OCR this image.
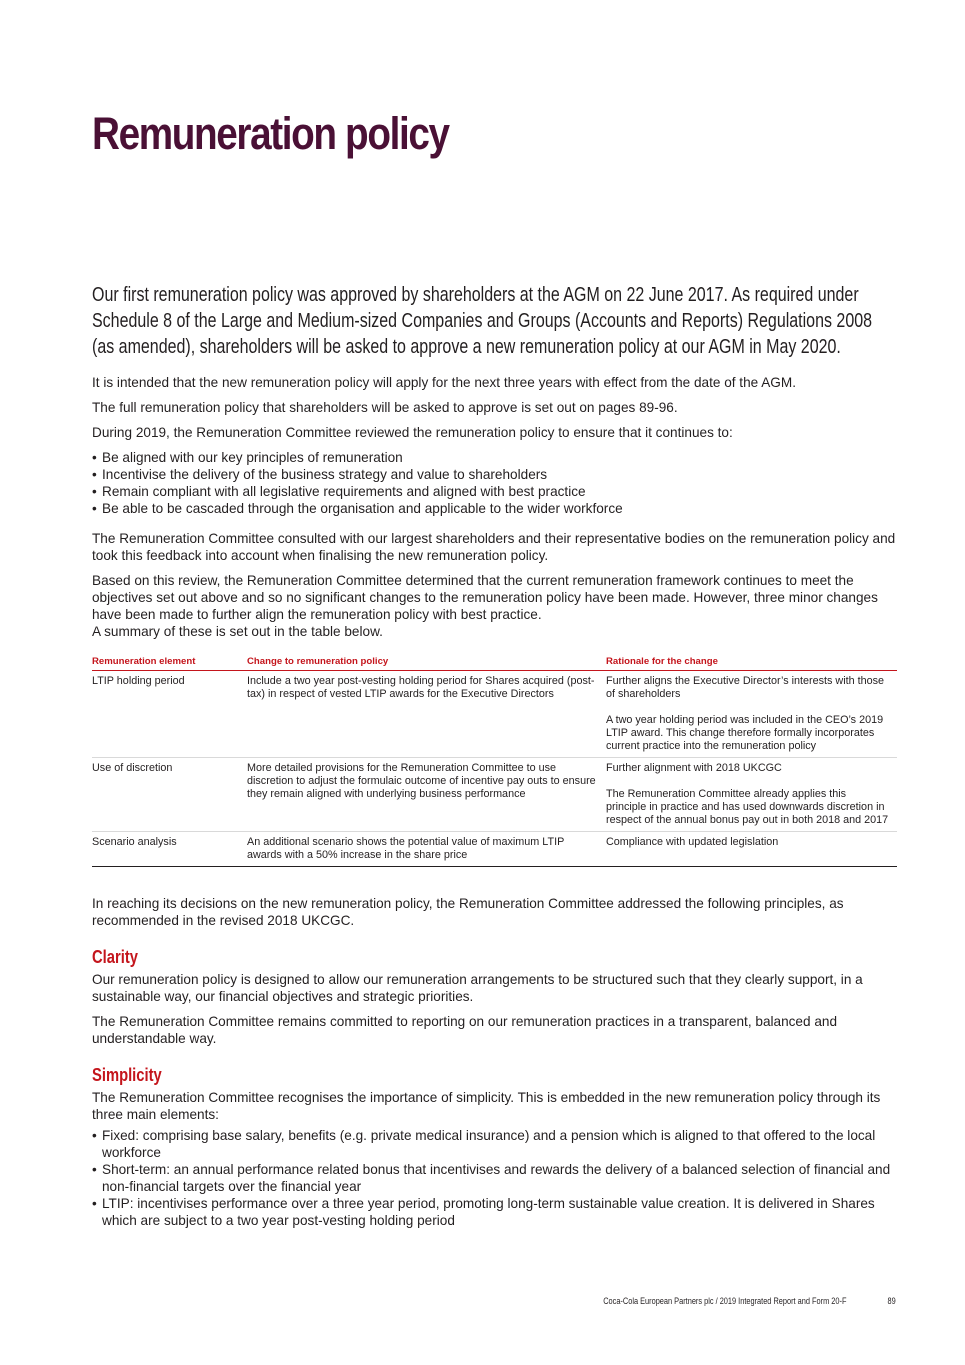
Remuneration policy

Our first remuneration policy was approved by shareholders at the AGM on 22 June 2017. As required under

Schedule 8 of the Large and Medium-sized Companies and Groups (Accounts and Reports) Regulations 2008

(as amended), shareholders will be asked to approve a new remuneration policy at our AGM in May 2020.

It is intended that the new remuneration policy will apply for the next three years with effect from the date of the AGM.

The full remuneration policy that shareholders will be asked to approve is set out on pages 89-96.

During 2019, the Remuneration Committee reviewed the remuneration policy to ensure that it continues to:

• Be aligned with our key principles of remuneration
• Incentivise the delivery of the business strategy and value to shareholders
• Remain compliant with all legislative requirements and aligned with best practice
• Be able to be cascaded through the organisation and applicable to the wider workforce

The Remuneration Committee consulted with our largest shareholders and their representative bodies on the remuneration policy and took this feedback into account when finalising the new remuneration policy.

Based on this review, the Remuneration Committee determined that the current remuneration framework continues to meet the objectives set out above and so no significant changes to the remuneration policy have been made. However, three minor changes have been made to further align the remuneration policy with best practice.

A summary of these is set out in the table below.

Remuneration element	Change to remuneration policy	Rationale for the change
LTIP holding period	Include a two year post-vesting holding period for Shares acquired (post-tax) in respect of vested LTIP awards for the Executive Directors	Further aligns the Executive Director’s interests with those of shareholders

A two year holding period was included in the CEO’s 2019 LTIP award. This change therefore formally incorporates current practice into the remuneration policy

Use of discretion	More detailed provisions for the Remuneration Committee to use discretion to adjust the formulaic outcome of incentive pay outs to ensure they remain aligned with underlying business performance	Further alignment with 2018 UKCGC

The Remuneration Committee already applies this principle in practice and has used downwards discretion in respect of the annual bonus pay out in both 2018 and 2017

Scenario analysis	An additional scenario shows the potential value of maximum LTIP awards with a 50% increase in the share price	Compliance with updated legislation

In reaching its decisions on the new remuneration policy, the Remuneration Committee addressed the following principles, as recommended in the revised 2018 UKCGC.

Clarity

Our remuneration policy is designed to allow our remuneration arrangements to be structured such that they clearly support, in a sustainable way, our financial objectives and strategic priorities.

The Remuneration Committee remains committed to reporting on our remuneration practices in a transparent, balanced and understandable way.

Simplicity

The Remuneration Committee recognises the importance of simplicity. This is embedded in the new remuneration policy through its three main elements:

• Fixed: comprising base salary, benefits (e.g. private medical insurance) and a pension which is aligned to that offered to the local workforce
• Short-term: an annual performance related bonus that incentivises and rewards the delivery of a balanced selection of financial and non-financial targets over the financial year
• LTIP: incentivises performance over a three year period, promoting long-term sustainable value creation. It is delivered in Shares which are subject to a two year post-vesting holding period
Coca-Cola European Partners plc / 2019 Integrated Report and Form 20-F	89
